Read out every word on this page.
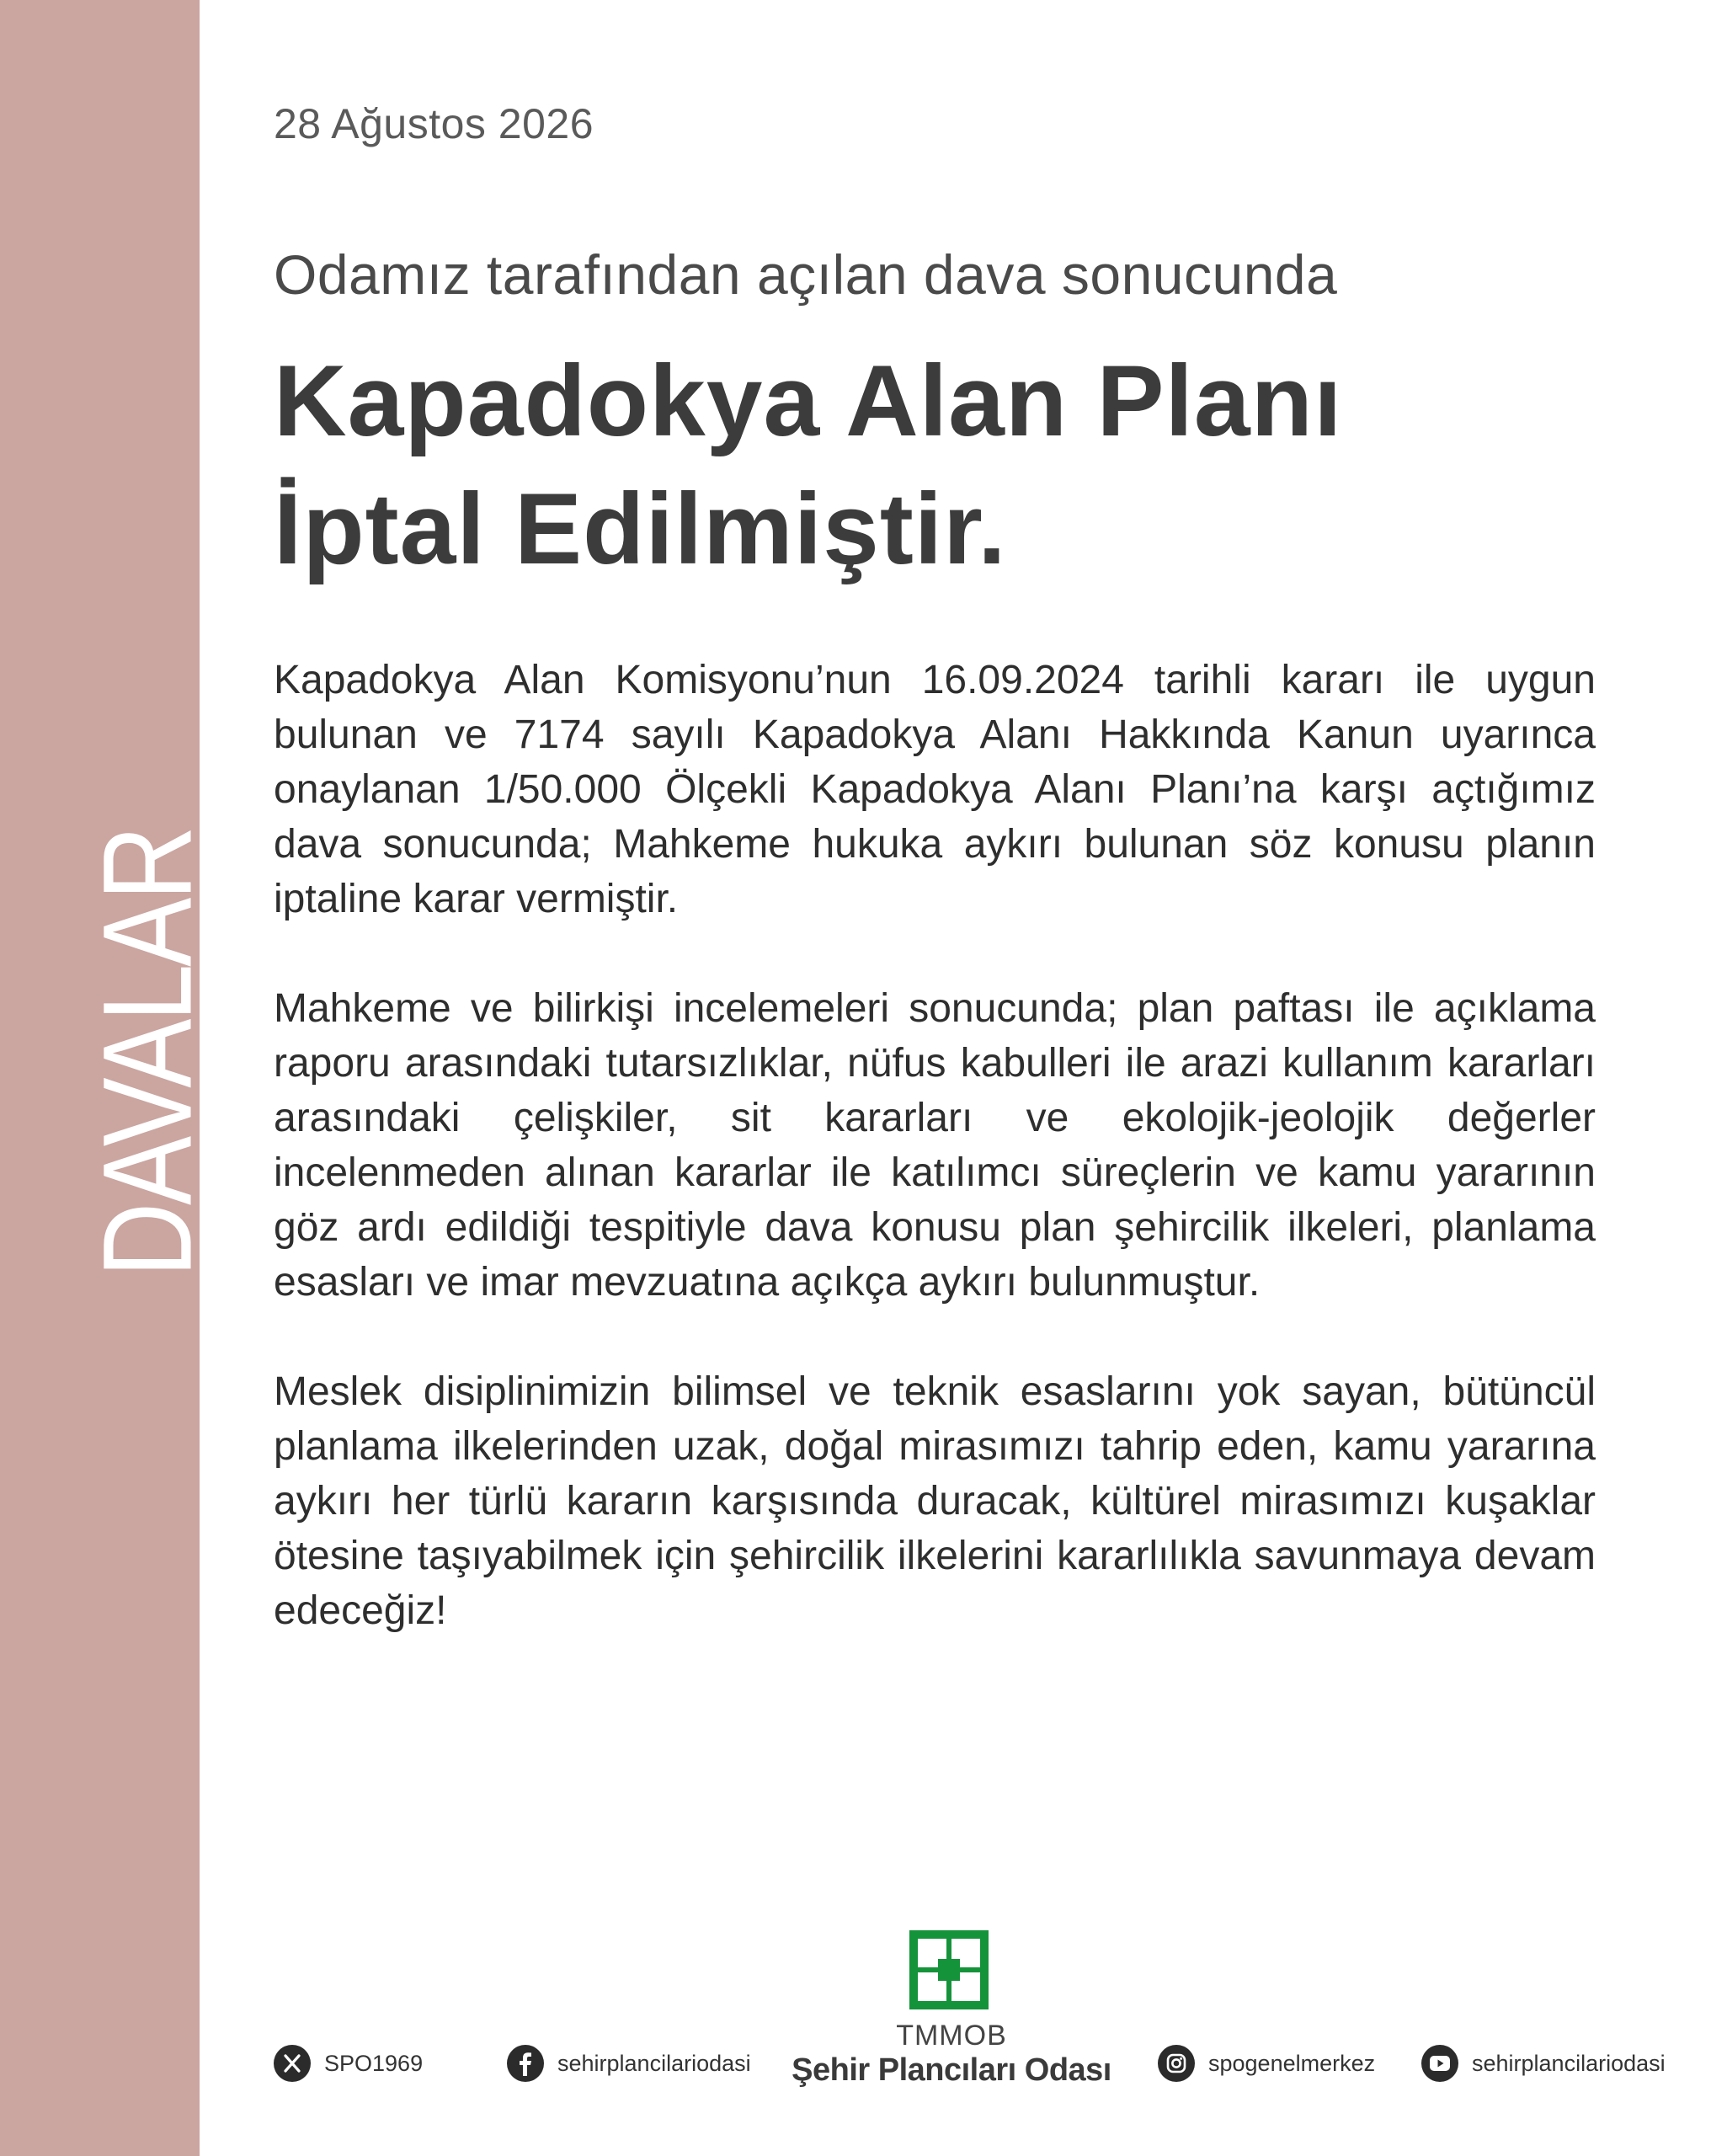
DAVALAR
28 Ağustos 2026
Odamız tarafından açılan dava sonucunda
Kapadokya Alan Planı
İptal Edilmiştir.

Kapadokya Alan Komisyonu’nun 16.09.2024 tarihli kararı ile uygun bulunan ve 7174 sayılı Kapadokya Alanı Hakkında Kanun uyarınca onaylanan 1/50.000 Ölçekli Kapadokya Alanı Planı’na karşı açtığımız dava sonucunda; Mahkeme hukuka aykırı bulunan söz konusu planın iptaline karar vermiştir.

Mahkeme ve bilirkişi incelemeleri sonucunda; plan paftası ile açıklama raporu arasındaki tutarsızlıklar, nüfus kabulleri ile arazi kullanım kararları arasındaki çelişkiler, sit kararları ve ekolojik-jeolojik değerler incelenmeden alınan kararlar ile katılımcı süreçlerin ve kamu yararının göz ardı edildiği tespitiyle dava konusu plan şehircilik ilkeleri, planlama esasları ve imar mevzuatına açıkça aykırı bulunmuştur.

Meslek disiplinimizin bilimsel ve teknik esaslarını yok sayan, bütüncül planlama ilkelerinden uzak, doğal mirasımızı tahrip eden, kamu yararına aykırı her türlü kararın karşısında duracak, kültürel mirasımızı kuşaklar ötesine taşıyabilmek için şehircilik ilkelerini kararlılıkla savunmaya devam edeceğiz!

TMMOB
Şehir Plancıları Odası
SPO1969	sehirplancilariodasi	spogenelmerkez	sehirplancilariodasi
